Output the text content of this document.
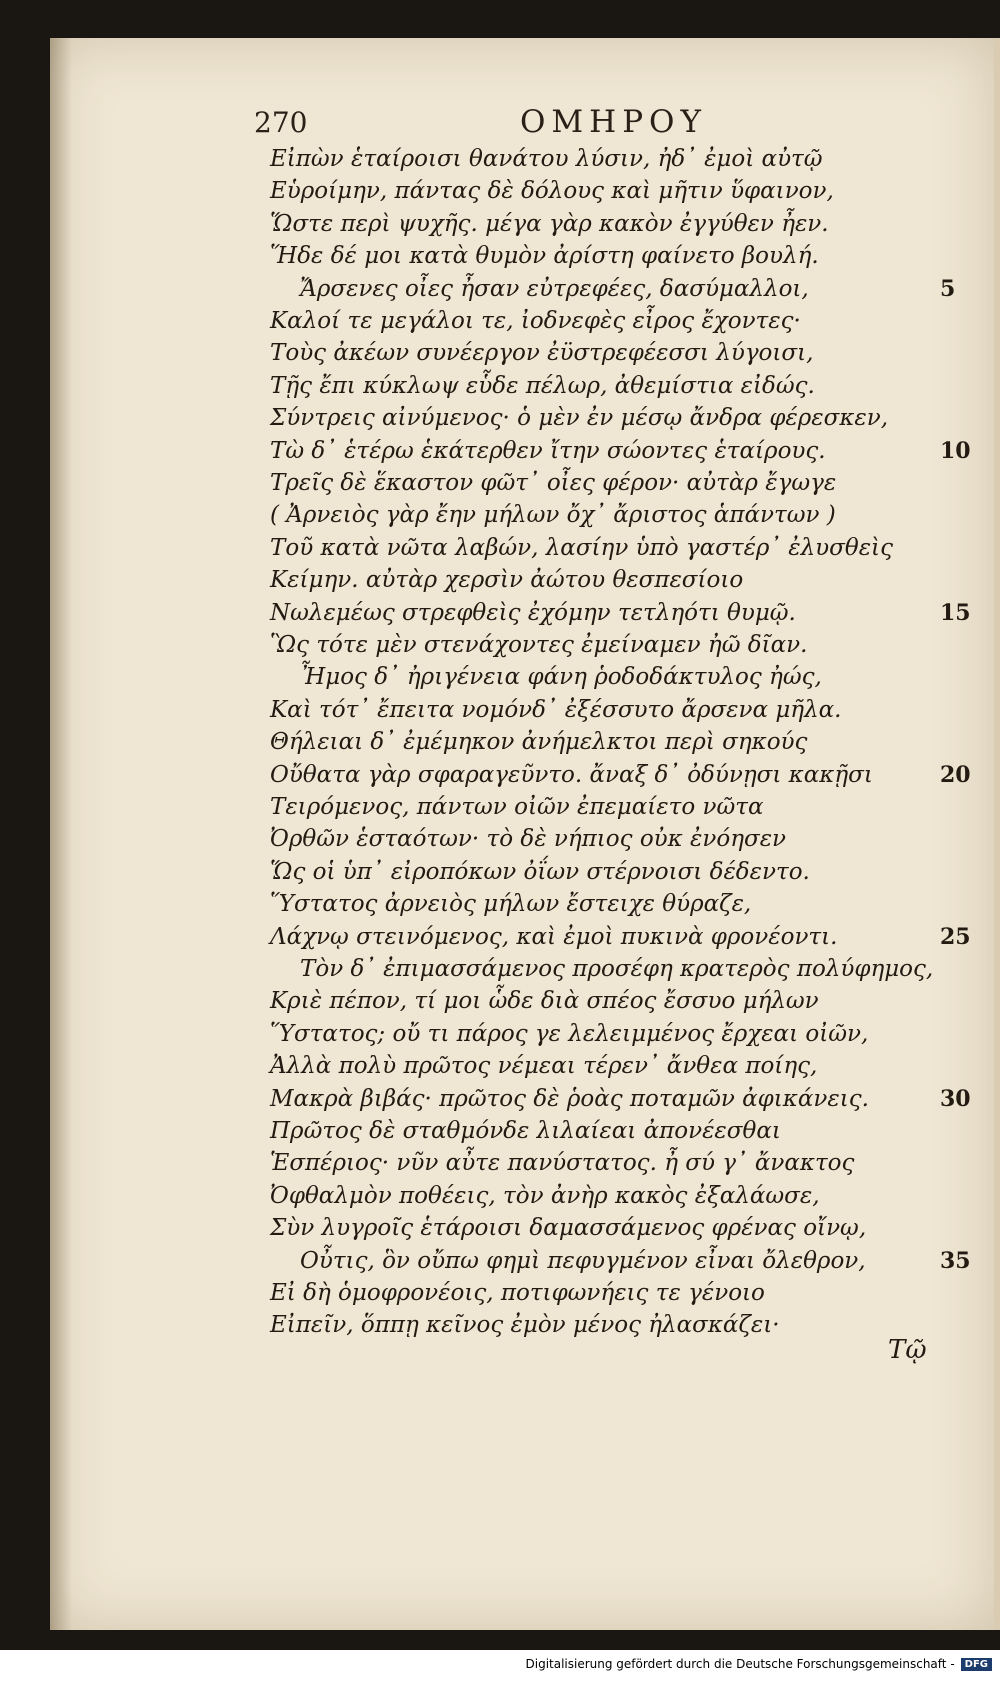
270	ΟΜΗΡΟΥ
Εἰπὼν ἑταίροισι θανάτου λύσιν, ἠδ᾽ ἐμοὶ αὐτῷ
Εὑροίμην, πάντας δὲ δόλους καὶ μῆτιν ὕφαινον,
Ὥστε περὶ ψυχῆς. μέγα γὰρ κακὸν ἐγγύθεν ἦεν.
Ἥδε δέ μοι κατὰ θυμὸν ἀρίστη φαίνετο βουλή.
Ἄρσενες οἶες ἦσαν εὐτρεφέες, δασύμαλλοι,	5
Καλοί τε μεγάλοι τε, ἰοδνεφὲς εἶρος ἔχοντες·
Τοὺς ἀκέων συνέεργον ἐϋστρεφέεσσι λύγοισι,
Τῇς ἔπι κύκλωψ εὗδε πέλωρ, ἀθεμίστια εἰδώς.
Σύντρεις αἰνύμενος· ὁ μὲν ἐν μέσῳ ἄνδρα φέρεσκεν,
Τὼ δ᾽ ἑτέρω ἑκάτερθεν ἴτην σώοντες ἑταίρους.	10
Τρεῖς δὲ ἕκαστον φῶτ᾽ οἶες φέρον· αὐτὰρ ἔγωγε
( Ἀρνειὸς γὰρ ἔην μήλων ὄχ᾽ ἄριστος ἁπάντων )
Τοῦ κατὰ νῶτα λαβών, λασίην ὑπὸ γαστέρ᾽ ἐλυσθεὶς
Κείμην. αὐτὰρ χερσὶν ἀώτου θεσπεσίοιο
Νωλεμέως στρεφθεὶς ἐχόμην τετληότι θυμῷ.	15
Ὣς τότε μὲν στενάχοντες ἐμείναμεν ἠῶ δῖαν.
Ἦμος δ᾽ ἠριγένεια φάνη ῥοδοδάκτυλος ἠώς,
Καὶ τότ᾽ ἔπειτα νομόνδ᾽ ἐξέσσυτο ἄρσενα μῆλα.
Θήλειαι δ᾽ ἐμέμηκον ἀνήμελκτοι περὶ σηκούς
Οὔθατα γὰρ σφαραγεῦντο. ἄναξ δ᾽ ὀδύνῃσι κακῇσι	20
Τειρόμενος, πάντων οἰῶν ἐπεμαίετο νῶτα
Ὀρθῶν ἑσταότων· τὸ δὲ νήπιος οὐκ ἐνόησεν
Ὥς οἱ ὑπ᾽ εἰροπόκων ὀΐων στέρνοισι δέδεντο.
Ὕστατος ἀρνειὸς μήλων ἔστειχε θύραζε,
Λάχνῳ στεινόμενος, καὶ ἐμοὶ πυκινὰ φρονέοντι.	25
Τὸν δ᾽ ἐπιμασσάμενος προσέφη κρατερὸς πολύφημος,
Κριὲ πέπον, τί μοι ὧδε διὰ σπέος ἔσσυο μήλων
Ὕστατος; οὔ τι πάρος γε λελειμμένος ἔρχεαι οἰῶν,
Ἀλλὰ πολὺ πρῶτος νέμεαι τέρεν᾽ ἄνθεα ποίης,
Μακρὰ βιβάς· πρῶτος δὲ ῥοὰς ποταμῶν ἀφικάνεις.	30
Πρῶτος δὲ σταθμόνδε λιλαίεαι ἀπονέεσθαι
Ἑσπέριος· νῦν αὖτε πανύστατος. ἦ σύ γ᾽ ἄνακτος
Ὀφθαλμὸν ποθέεις, τὸν ἀνὴρ κακὸς ἐξαλάωσε,
Σὺν λυγροῖς ἑτάροισι δαμασσάμενος φρένας οἴνῳ,
Οὖτις, ὃν οὔπω φημὶ πεφυγμένον εἶναι ὄλεθρον,	35
Εἰ δὴ ὁμοφρονέοις, ποτιφωνήεις τε γένοιο
Εἰπεῖν, ὅππῃ κεῖνος ἐμὸν μένος ἠλασκάζει·
Τῷ
Digitalisierung gefördert durch die Deutsche Forschungsgemeinschaft -	DFG
